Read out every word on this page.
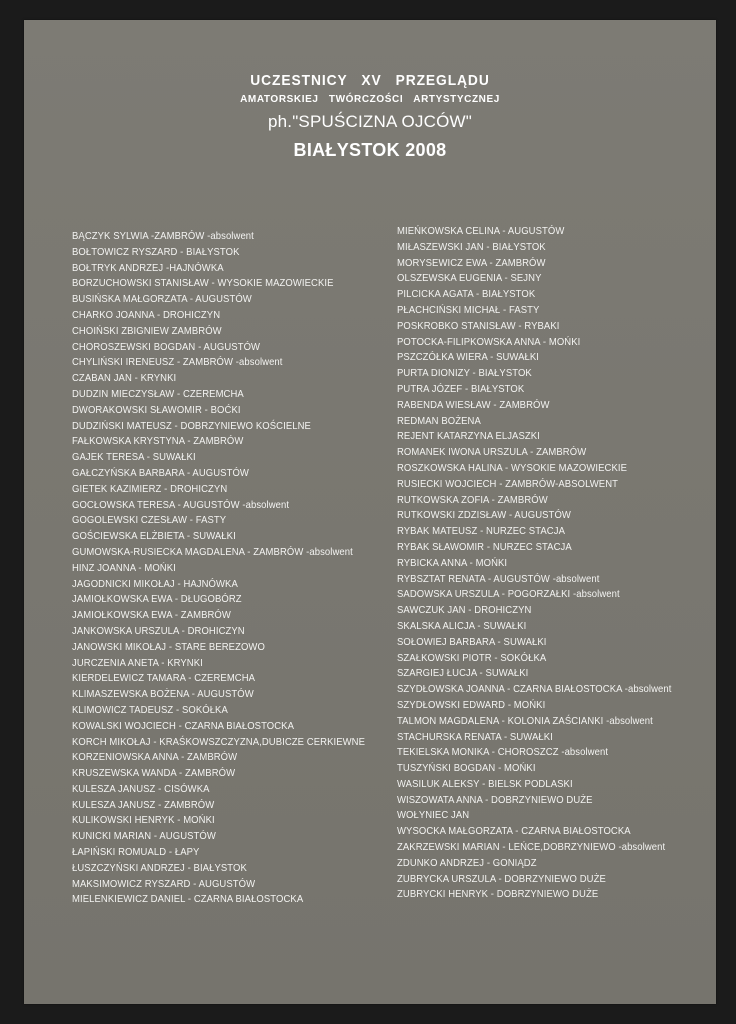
UCZESTNICY XV PRZEGLĄDU
AMATORSKIEJ TWÓRCZOŚCI ARTYSTYCZNEJ
ph."SPUŚCIZNA OJCÓW"
BIAŁYSTOK 2008
BĄCZYK SYLWIA -ZAMBRÓW -absolwent
BOŁTOWICZ RYSZARD - BIAŁYSTOK
BOŁTRYK ANDRZEJ -HAJNÓWKA
BORZUCHOWSKI STANISŁAW - WYSOKIE MAZOWIECKIE
BUSIŃSKA MAŁGORZATA - AUGUSTÓW
CHARKO JOANNA - DROHICZYN
CHOIŃSKI ZBIGNIEW ZAMBRÓW
CHOROSZEWSKI BOGDAN - AUGUSTÓW
CHYLIŃSKI IRENEUSZ - ZAMBRÓW -absolwent
CZABAN JAN - KRYNKI
DUDZIN MIECZYSŁAW - CZEREMCHA
DWORAKOWSKI SŁAWOMIR - BOĆKI
DUDZIŃSKI MATEUSZ - DOBRZYNIEWO KOŚCIELNE
FAŁKOWSKA KRYSTYNA - ZAMBRÓW
GAJEK TERESA - SUWAŁKI
GAŁCZYŃSKA BARBARA - AUGUSTÓW
GIETEK KAZIMIERZ - DROHICZYN
GOCŁOWSKA TERESA - AUGUSTÓW -absolwent
GOGOLEWSKI CZESŁAW - FASTY
GOŚCIEWSKA ELŻBIETA - SUWAŁKI
GUMOWSKA-RUSIECKA MAGDALENA - ZAMBRÓW -absolwent
HINZ JOANNA - MOŃKI
JAGODNICKI MIKOŁAJ - HAJNÓWKA
JAMIOŁKOWSKA EWA - DŁUGOBÓRZ
JAMIOŁKOWSKA EWA - ZAMBRÓW
JANKOWSKA URSZULA - DROHICZYN
JANOWSKI MIKOŁAJ - STARE BEREZOWO
JURCZENIA ANETA - KRYNKI
KIERDELEWICZ TAMARA - CZEREMCHA
KLIMASZEWSKA BOŻENA - AUGUSTÓW
KLIMOWICZ TADEUSZ - SOKÓŁKA
KOWALSKI WOJCIECH - CZARNA BIAŁOSTOCKA
KORCH MIKOŁAJ - KRAŚKOWSZCZYZNA,DUBICZE CERKIEWNE
KORZENIOWSKA ANNA - ZAMBRÓW
KRUSZEWSKA WANDA - ZAMBRÓW
KULESZA JANUSZ - CISÓWKA
KULESZA JANUSZ - ZAMBRÓW
KULIKOWSKI HENRYK - MOŃKI
KUNICKI MARIAN - AUGUSTÓW
ŁAPIŃSKI ROMUALD - ŁAPY
ŁUSZCZYŃSKI ANDRZEJ - BIAŁYSTOK
MAKSIMOWICZ RYSZARD - AUGUSTÓW
MIELENKIEWICZ DANIEL - CZARNA BIAŁOSTOCKA
MIEŃKOWSKA CELINA - AUGUSTÓW
MIŁASZEWSKI JAN - BIAŁYSTOK
MORYSEWICZ EWA - ZAMBRÓW
OLSZEWSKA EUGENIA - SEJNY
PILCICKA AGATA - BIAŁYSTOK
PŁACHCIŃSKI MICHAŁ - FASTY
POSKROBKO STANISŁAW - RYBAKI
POTOCKA-FILIPKOWSKA ANNA - MOŃKI
PSZCZÓŁKA WIERA - SUWAŁKI
PURTA DIONIZY - BIAŁYSTOK
PUTRA JÓZEF - BIAŁYSTOK
RABENDA WIESŁAW - ZAMBRÓW
REDMAN BOŻENA
REJENT KATARZYNA ELJASZKI
ROMANEK IWONA URSZULA - ZAMBRÓW
ROSZKOWSKA HALINA - WYSOKIE MAZOWIECKIE
RUSIECKI WOJCIECH - ZAMBRÓW-ABSOLWENT
RUTKOWSKA ZOFIA - ZAMBRÓW
RUTKOWSKI ZDZISŁAW - AUGUSTÓW
RYBAK MATEUSZ - NURZEC STACJA
RYBAK SŁAWOMIR - NURZEC STACJA
RYBICKA ANNA - MOŃKI
RYBSZTAT RENATA - AUGUSTÓW -absolwent
SADOWSKA URSZULA - POGORZAŁKI -absolwent
SAWCZUK JAN - DROHICZYN
SKALSKA ALICJA - SUWAŁKI
SOŁOWIEJ BARBARA - SUWAŁKI
SZAŁKOWSKI PIOTR - SOKÓŁKA
SZARGIEJ ŁUCJA - SUWAŁKI
SZYDŁOWSKA JOANNA - CZARNA BIAŁOSTOCKA -absolwent
SZYDŁOWSKI EDWARD - MOŃKI
TALMON MAGDALENA - KOLONIA ZAŚCIANKI -absolwent
STACHURSKA RENATA - SUWAŁKI
TEKIELSKA MONIKA - CHOROSZCZ -absolwent
TUSZYŃSKI BOGDAN - MOŃKI
WASILUK ALEKSY - BIELSK PODLASKI
WISZOWATA ANNA - DOBRZYNIEWO DUŻE
WOŁYNIEC JAN
WYSOCKA MAŁGORZATA - CZARNA BIAŁOSTOCKA
ZAKRZEWSKI MARIAN - LEŃCE,DOBRZYNIEWO -absolwent
ZDUNKO ANDRZEJ - GONIĄDZ
ZUBRYCKA URSZULA - DOBRZYNIEWO DUŻE
ZUBRYCKI HENRYK - DOBRZYNIEWO DUŻE
